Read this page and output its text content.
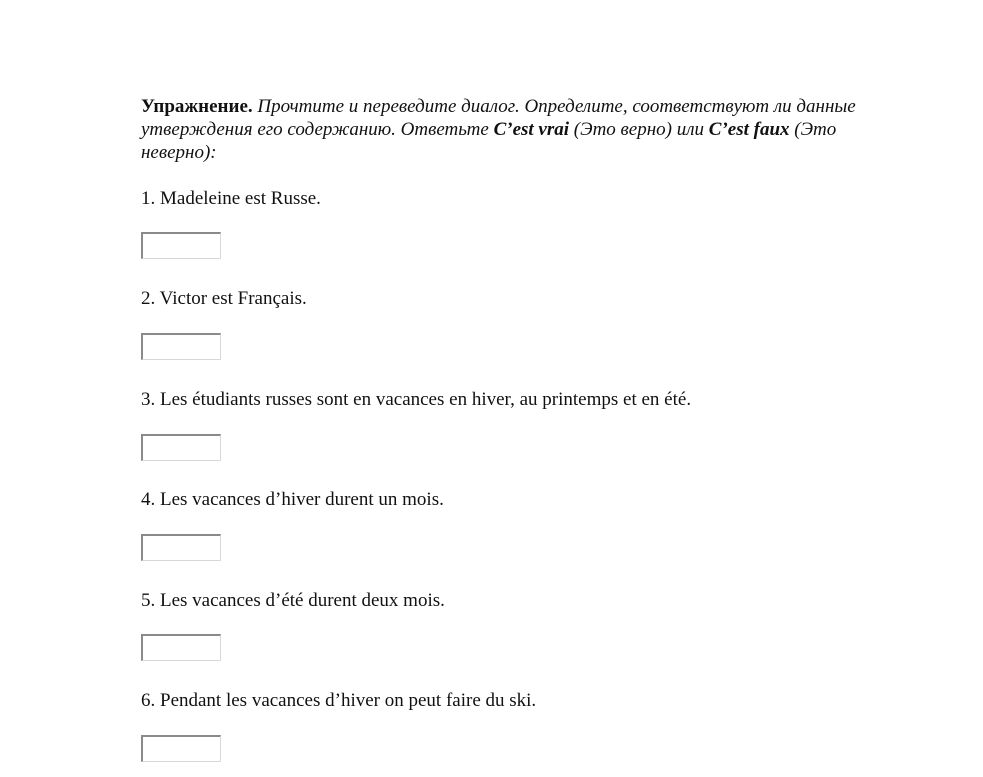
Упражнение. Прочтите и переведите диалог. Определите, соответствуют ли данные утверждения его содержанию. Ответьте C’est vrai (Это верно) или C’est faux (Это неверно):

1. Madeleine est Russe.
2. Victor est Français.
3. Les étudiants russes sont en vacances en hiver, au printemps et en été.
4. Les vacances d’hiver durent un mois.
5. Les vacances d’été durent deux mois.
6. Pendant les vacances d’hiver on peut faire du ski.
